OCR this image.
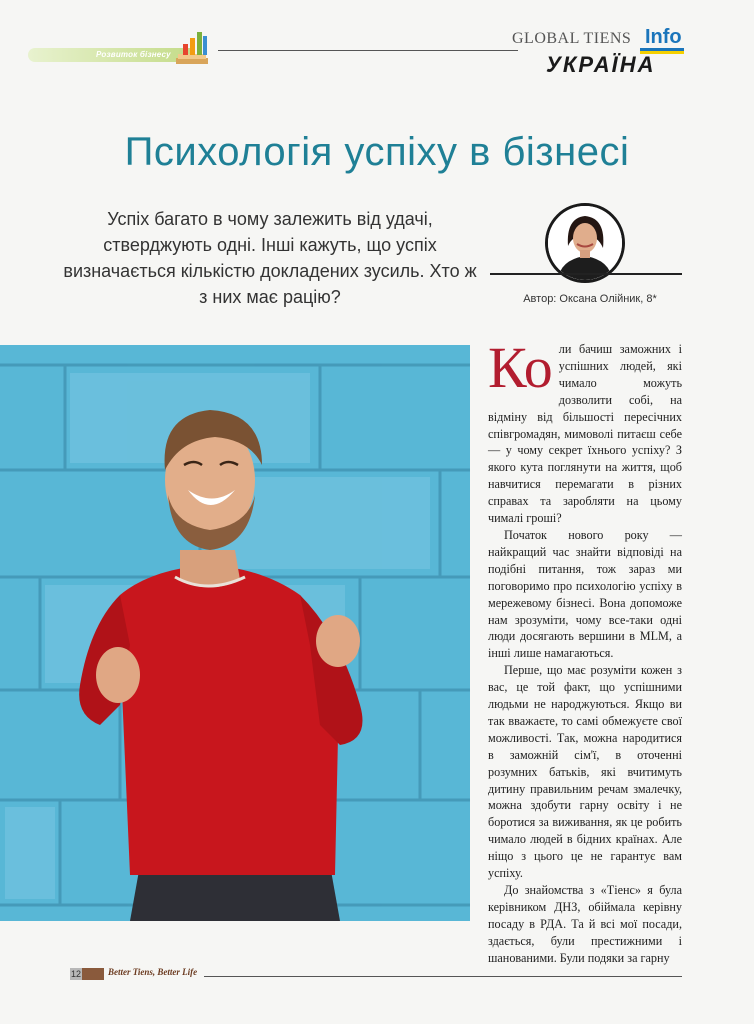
Розвиток бізнесу
GLOBAL TIENS Info
УКРАЇНА
Психологія успіху в бізнесі
Успіх багато в чому залежить від удачі, стверджують одні. Інші кажуть, що успіх визначається кількістю докладених зусиль. Хто ж з них має рацію?	Автор: Оксана Олійник, 8*

Ко ли бачиш заможних і успішних людей, які чимало можуть дозволити собі, на відміну від більшості пересічних співгромадян, мимоволі питаєш себе — у чому секрет їхнього успіху? З якого кута поглянути на життя, щоб навчитися перемагати в різних справах та заробляти на цьому чималі гроші?

Початок нового року — найкращий час знайти відповіді на подібні питання, тож зараз ми поговоримо про психологію успіху в мережевому бізнесі. Вона допоможе нам зрозуміти, чому все-таки одні люди досягають вершини в MLM, а інші лише намагаються.

Перше, що має розуміти кожен з вас, це той факт, що успішними людьми не народжуються. Якщо ви так вважаєте, то самі обмежуєте свої можливості. Так, можна народитися в заможній сім'ї, в оточенні розумних батьків, які вчитимуть дитину правильним речам змалечку, можна здобути гарну освіту і не боротися за виживання, як це робить чимало людей в бідних країнах. Але ніщо з цього це не гарантує вам успіху.

До знайомства з «Тіенс» я була керівником ДНЗ, обіймала керівну посаду в РДА. Та й всі мої посади, здається, були престижними і шанованими. Були подяки за гарну

12	Better Tiens, Better Life
